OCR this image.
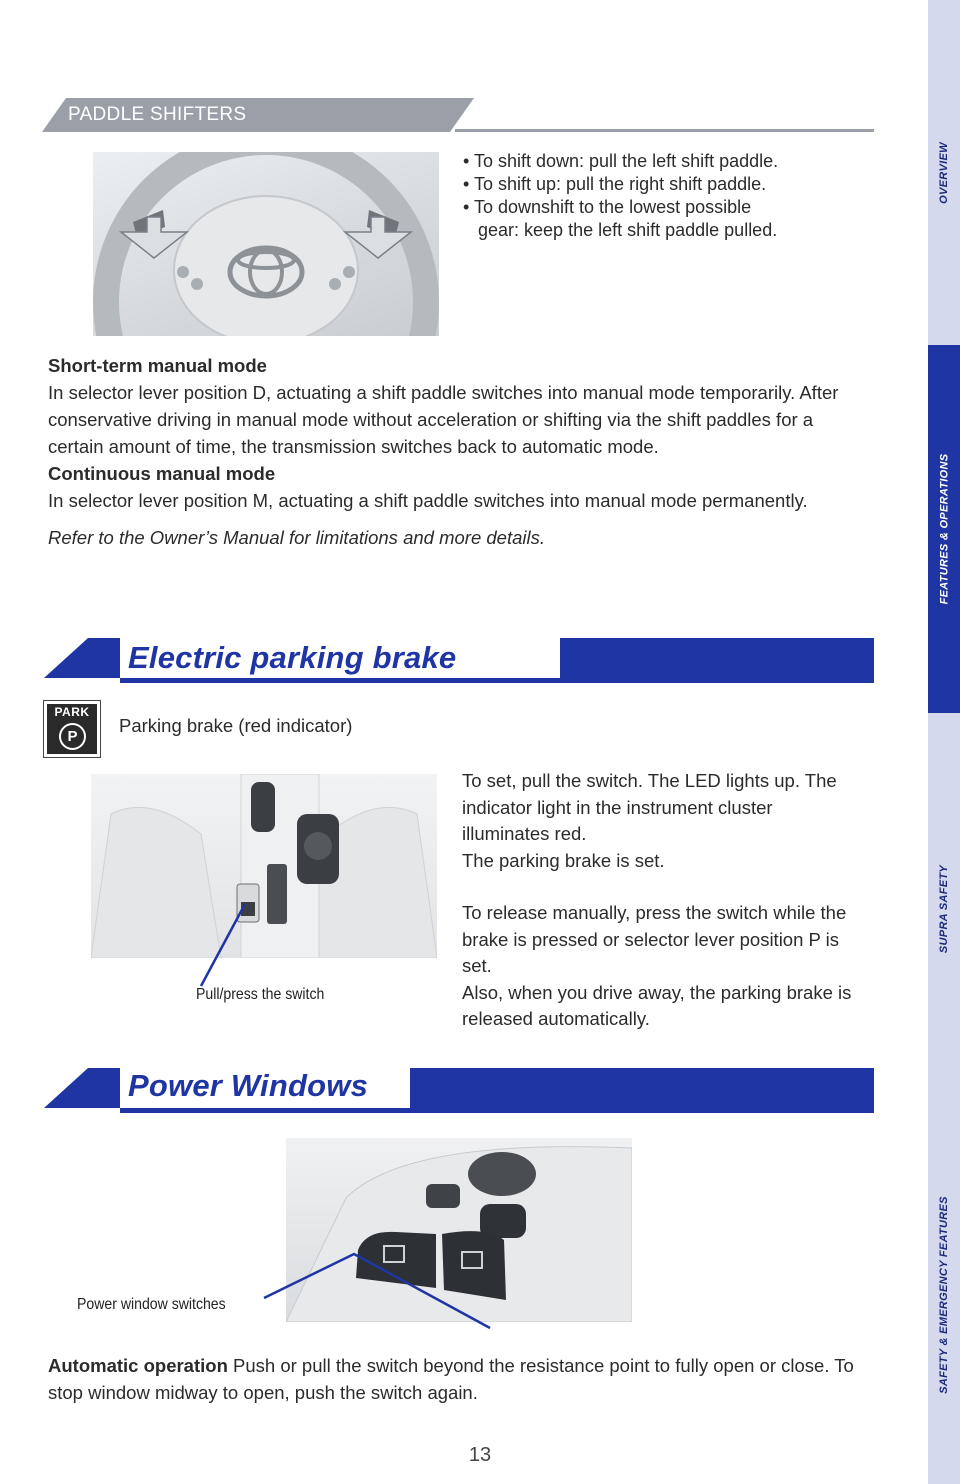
OVERVIEW
FEATURES & OPERATIONS
SUPRA SAFETY
SAFETY & EMERGENCY FEATURES
PADDLE SHIFTERS
• To shift down: pull the left shift paddle.
• To shift up: pull the right shift paddle.
• To downshift to the lowest possible
gear: keep the left shift paddle pulled.
Short-term manual mode
In selector lever position D, actuating a shift paddle switches into manual mode temporarily. After conservative driving in manual mode without acceleration or shifting via the shift paddles for a certain amount of time, the transmission switches back to automatic mode.
Continuous manual mode
In selector lever position M, actuating a shift paddle switches into manual mode permanently.
Refer to the Owner’s Manual for limitations and more details.
Electric parking brake
PARK
P
Parking brake (red indicator)
Pull/press the switch
To set, pull the switch. The LED lights up. The indicator light in the instrument cluster illuminates red.
The parking brake is set.
To release manually, press the switch while the brake is pressed or selector lever position P is set.
Also, when you drive away, the parking brake is released automatically.
Power Windows
Power window switches
Automatic operation Push or pull the switch beyond the resistance point to fully open or close. To stop window midway to open, push the switch again.
13
